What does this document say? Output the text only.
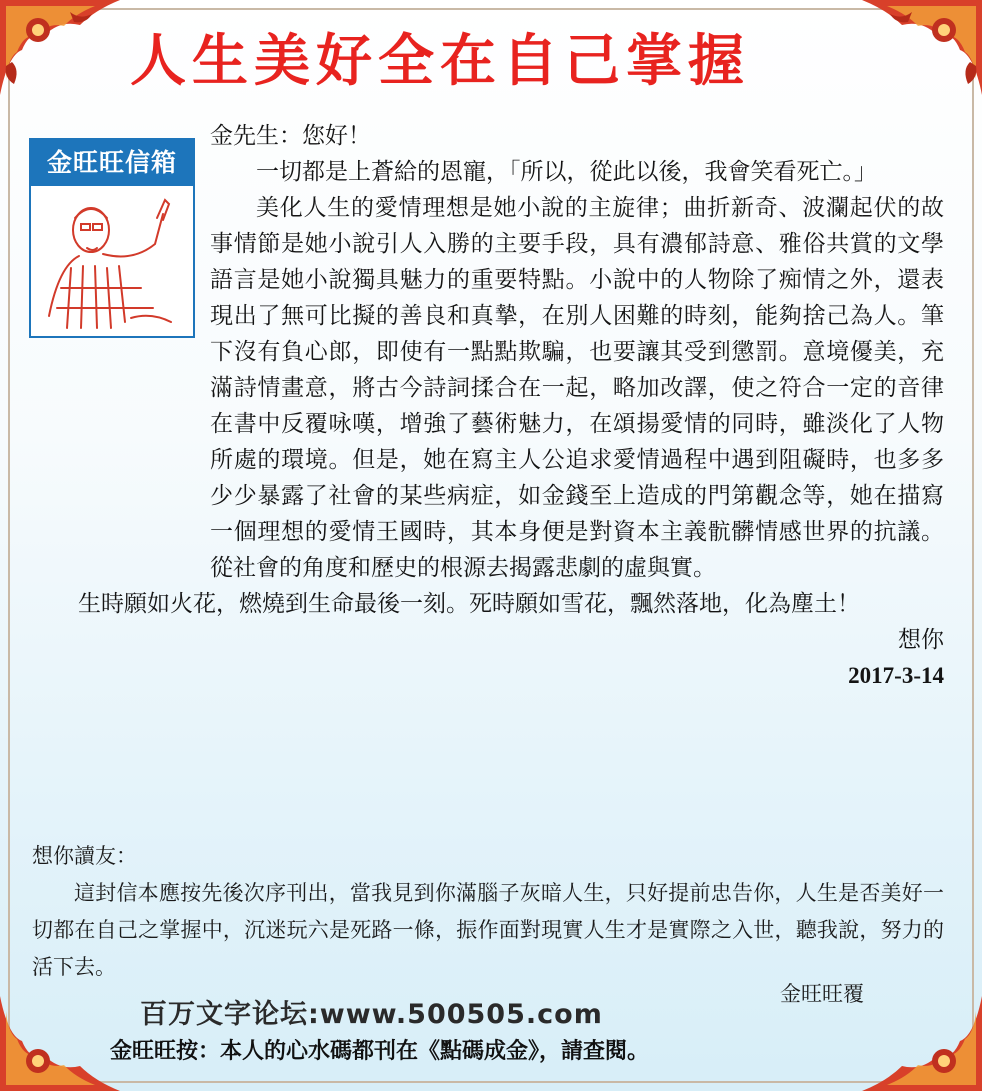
人生美好全在自己掌握
金旺旺信箱
金先生：您好！

一切都是上蒼給的恩寵，「所以，從此以後，我會笑看死亡。」

美化人生的愛情理想是她小說的主旋律；曲折新奇、波瀾起伏的故事情節是她小說引人入勝的主要手段，具有濃郁詩意、雅俗共賞的文學語言是她小說獨具魅力的重要特點。小說中的人物除了痴情之外，還表現出了無可比擬的善良和真摯，在別人困難的時刻，能夠捨己為人。筆下沒有負心郎，即使有一點點欺騙，也要讓其受到懲罰。意境優美，充滿詩情畫意，將古今詩詞揉合在一起，略加改譯，使之符合一定的音律在書中反覆咏嘆，增強了藝術魅力，在頌揚愛情的同時，雖淡化了人物所處的環境。但是，她在寫主人公追求愛情過程中遇到阻礙時，也多多少少暴露了社會的某些病症，如金錢至上造成的門第觀念等，她在描寫一個理想的愛情王國時，其本身便是對資本主義骯髒情感世界的抗議。從社會的角度和歷史的根源去揭露悲劇的虛與實。

生時願如火花，燃燒到生命最後一刻。死時願如雪花，飄然落地，化為塵土！

想你
2017-3-14
想你讀友：
這封信本應按先後次序刊出，當我見到你滿腦子灰暗人生，只好提前忠告你，人生是否美好一切都在自己之掌握中，沉迷玩六是死路一條，振作面對現實人生才是實際之入世，聽我說，努力的活下去。
金旺旺覆
百万文字论坛:www.500505.com
金旺旺按：本人的心水碼都刊在《點碼成金》，請查閱。
